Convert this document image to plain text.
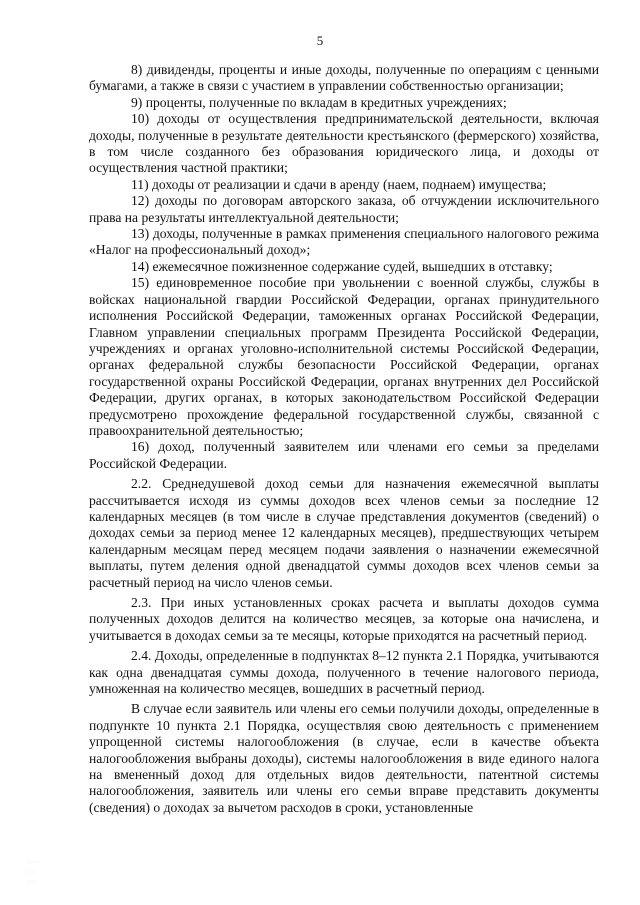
5

8) дивиденды, проценты и иные доходы, полученные по операциям с ценными бумагами, а также в связи с участием в управлении собственностью организации;

9) проценты, полученные по вкладам в кредитных учреждениях;

10) доходы от осуществления предпринимательской деятельности, включая доходы, полученные в результате деятельности крестьянского (фермерского) хозяйства, в том числе созданного без образования юридического лица, и доходы от осуществления частной практики;

11) доходы от реализации и сдачи в аренду (наем, поднаем) имущества;

12) доходы по договорам авторского заказа, об отчуждении исключительного права на результаты интеллектуальной деятельности;

13) доходы, полученные в рамках применения специального налогового режима «Налог на профессиональный доход»;

14) ежемесячное пожизненное содержание судей, вышедших в отставку;

15) единовременное пособие при увольнении с военной службы, службы в войсках национальной гвардии Российской Федерации, органах принудительного исполнения Российской Федерации, таможенных органах Российской Федерации, Главном управлении специальных программ Президента Российской Федерации, учреждениях и органах уголовно-исполнительной системы Российской Федерации, органах федеральной службы безопасности Российской Федерации, органах государственной охраны Российской Федерации, органах внутренних дел Российской Федерации, других органах, в которых законодательством Российской Федерации предусмотрено прохождение федеральной государственной службы, связанной с правоохранительной деятельностью;

16) доход, полученный заявителем или членами его семьи за пределами Российской Федерации.

2.2. Среднедушевой доход семьи для назначения ежемесячной выплаты рассчитывается исходя из суммы доходов всех членов семьи за последние 12 календарных месяцев (в том числе в случае представления документов (сведений) о доходах семьи за период менее 12 календарных месяцев), предшествующих четырем календарным месяцам перед месяцем подачи заявления о назначении ежемесячной выплаты, путем деления одной двенадцатой суммы доходов всех членов семьи за расчетный период на число членов семьи.

2.3. При иных установленных сроках расчета и выплаты доходов сумма полученных доходов делится на количество месяцев, за которые она начислена, и учитывается в доходах семьи за те месяцы, которые приходятся на расчетный период.

2.4. Доходы, определенные в подпунктах 8–12 пункта 2.1 Порядка, учитываются как одна двенадцатая суммы дохода, полученного в течение налогового периода, умноженная на количество месяцев, вошедших в расчетный период.

В случае если заявитель или члены его семьи получили доходы, определенные в подпункте 10 пункта 2.1 Порядка, осуществляя свою деятельность с применением упрощенной системы налогообложения (в случае, если в качестве объекта налогообложения выбраны доходы), системы налогообложения в виде единого налога на вмененный доход для отдельных видов деятельности, патентной системы налогообложения, заявитель или члены его семьи вправе представить документы (сведения) о доходах за вычетом расходов в сроки, установленные

· · ·
· ·
· ·
